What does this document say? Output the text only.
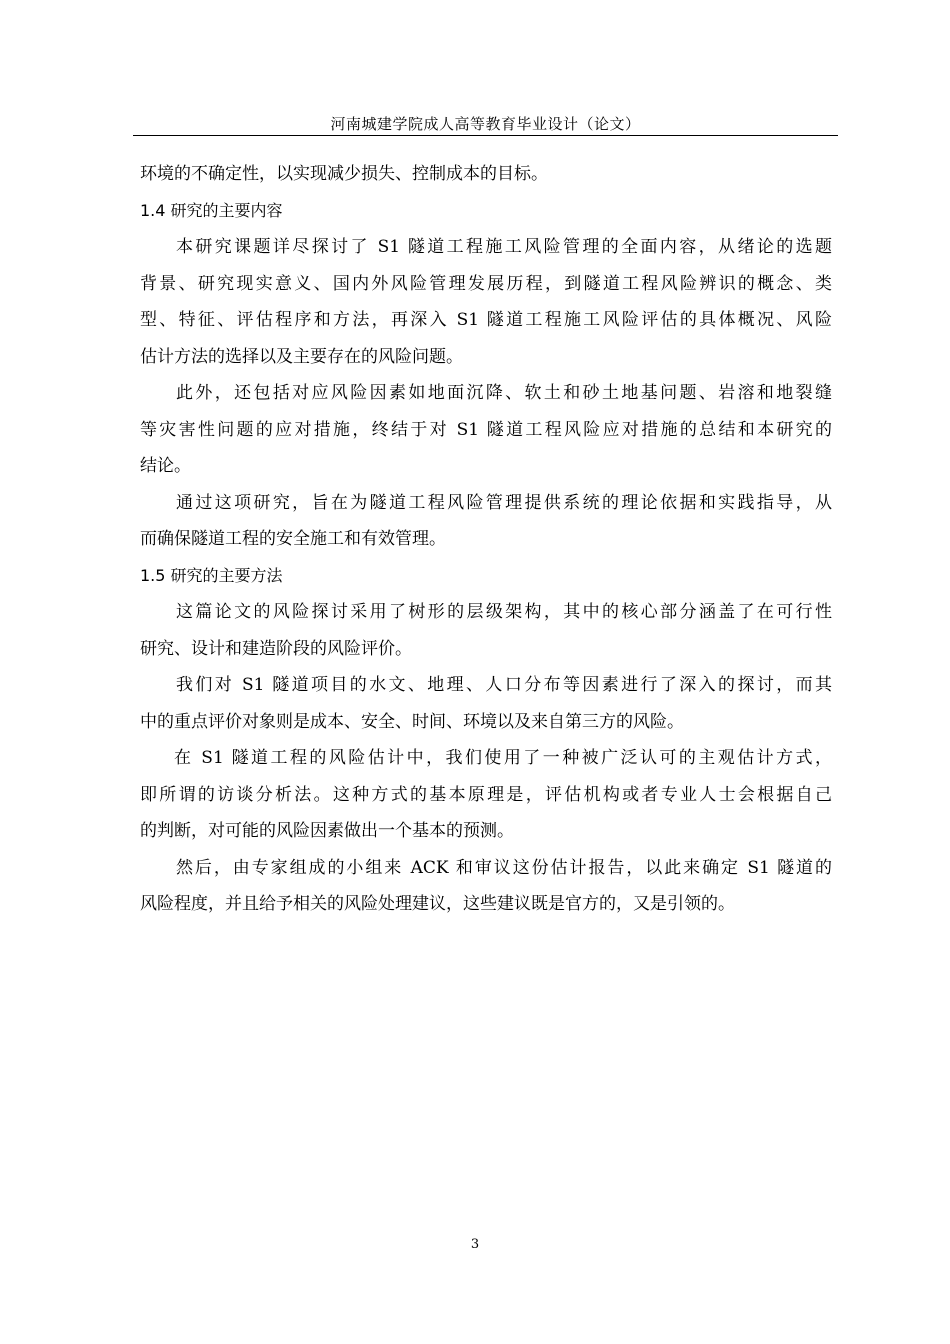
河南城建学院成人高等教育毕业设计（论文）
环境的不确定性，以实现减少损失、控制成本的目标。
1.4 研究的主要内容
本研究课题详尽探讨了 S1 隧道工程施工风险管理的全面内容，从绪论的选题
背景、研究现实意义、国内外风险管理发展历程，到隧道工程风险辨识的概念、类
型、特征、评估程序和方法，再深入 S1 隧道工程施工风险评估的具体概况、风险
估计方法的选择以及主要存在的风险问题。
此外，还包括对应风险因素如地面沉降、软土和砂土地基问题、岩溶和地裂缝
等灾害性问题的应对措施，终结于对 S1 隧道工程风险应对措施的总结和本研究的
结论。
通过这项研究，旨在为隧道工程风险管理提供系统的理论依据和实践指导，从
而确保隧道工程的安全施工和有效管理。
1.5 研究的主要方法
这篇论文的风险探讨采用了树形的层级架构，其中的核心部分涵盖了在可行性
研究、设计和建造阶段的风险评价。
我们对 S1 隧道项目的水文、地理、人口分布等因素进行了深入的探讨，而其
中的重点评价对象则是成本、安全、时间、环境以及来自第三方的风险。
在 S1 隧道工程的风险估计中，我们使用了一种被广泛认可的主观估计方式，
即所谓的访谈分析法。这种方式的基本原理是，评估机构或者专业人士会根据自己
的判断，对可能的风险因素做出一个基本的预测。
然后，由专家组成的小组来 ACK 和审议这份估计报告，以此来确定 S1 隧道的
风险程度，并且给予相关的风险处理建议，这些建议既是官方的，又是引领的。
3
